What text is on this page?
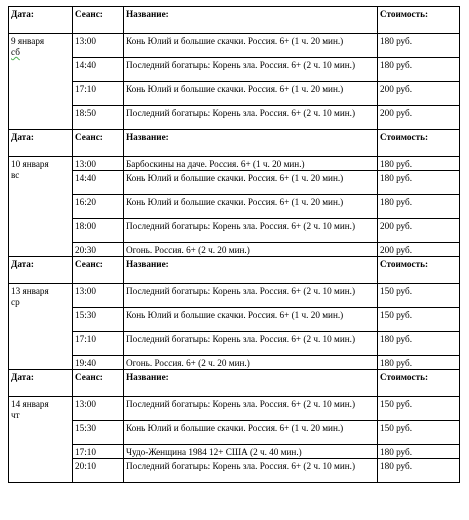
Дата:	Сеанс:	Название:	Стоимость:

9 января
сб	13:00	Конь Юлий и большие скачки. Россия. 6+ (1 ч. 20 мин.)	180 руб.
	14:40	Последний богатырь: Корень зла. Россия. 6+ (2 ч. 10 мин.)	180 руб.
	17:10	Конь Юлий и большие скачки. Россия. 6+ (1 ч. 20 мин.)	200 руб.
	18:50	Последний богатырь: Корень зла. Россия. 6+ (2 ч. 10 мин.)	200 руб.
Дата:	Сеанс:	Название:	Стоимость:

10 января
вс	13:00	Барбоскины на даче. Россия. 6+ (1 ч. 20 мин.)	180 руб.
	14:40	Конь Юлий и большие скачки. Россия. 6+ (1 ч. 20 мин.)	180 руб.
	16:20	Конь Юлий и большие скачки. Россия. 6+ (1 ч. 20 мин.)	180 руб.
	18:00	Последний богатырь: Корень зла. Россия. 6+ (2 ч. 10 мин.)	200 руб.
	20:30	Огонь. Россия. 6+ (2 ч. 20 мин.)	200 руб.
Дата:	Сеанс:	Название:	Стоимость:

13 января
ср	13:00	Последний богатырь: Корень зла. Россия. 6+ (2 ч. 10 мин.)	150 руб.
	15:30	Конь Юлий и большие скачки. Россия. 6+ (1 ч. 20 мин.)	150 руб.
	17:10	Последний богатырь: Корень зла. Россия. 6+ (2 ч. 10 мин.)	180 руб.
	19:40	Огонь. Россия. 6+ (2 ч. 20 мин.)	180 руб.
Дата:	Сеанс:	Название:	Стоимость:

14 января
чт	13:00	Последний богатырь: Корень зла. Россия. 6+ (2 ч. 10 мин.)	150 руб.
	15:30	Конь Юлий и большие скачки. Россия. 6+ (1 ч. 20 мин.)	150 руб.
	17:10	Чудо-Женщина 1984 12+ США (2 ч. 40 мин.)	180 руб.
	20:10	Последний богатырь: Корень зла. Россия. 6+ (2 ч. 10 мин.)	180 руб.
